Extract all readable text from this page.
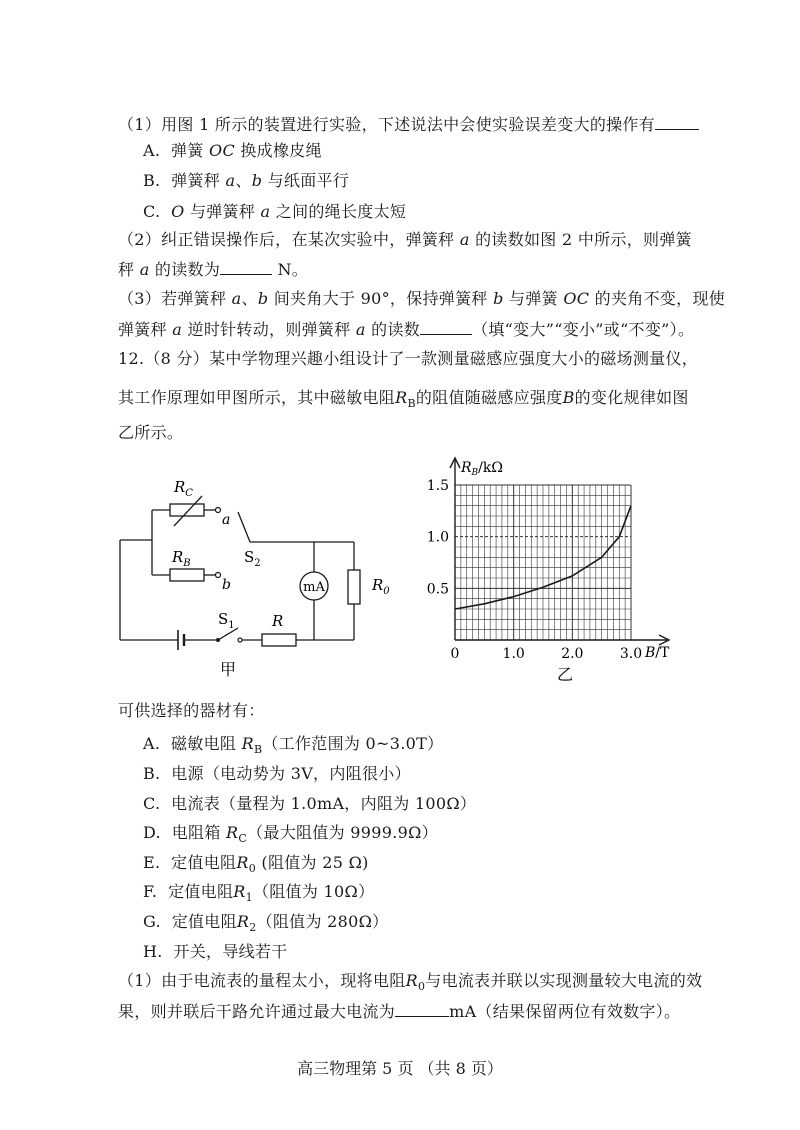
（1）用图 1 所示的装置进行实验，下述说法中会使实验误差变大的操作有
A. 弹簧 OC 换成橡皮绳
B. 弹簧秤 a、b 与纸面平行
C. O 与弹簧秤 a 之间的绳长度太短
（2）纠正错误操作后，在某次实验中，弹簧秤 a 的读数如图 2 中所示，则弹簧
秤 a 的读数为	N。
（3）若弹簧秤 a、b 间夹角大于 90°，保持弹簧秤 b 与弹簧 OC 的夹角不变，现使
弹簧秤 a 逆时针转动，则弹簧秤 a 的读数	（填“变大”“变小”或“不变”）。
12.（8 分）某中学物理兴趣小组设计了一款测量磁感应强度大小的磁场测量仪，
其工作原理如甲图所示，其中磁敏电阻$R_B$的阻值随磁感应强度B的变化规律如图
乙所示。
mA
$R_C$
a
$R_B$
b
$S_2$
$R_0$
$S_1$ R
甲
1.5
1.0
0.5
0	1.0	2.0	3.0
$R_B/k\Omega$
B/T
乙
可供选择的器材有：
A. 磁敏电阻 $R_B$（工作范围为 0~3.0T）
B. 电源（电动势为 3V，内阻很小）
C. 电流表（量程为 1.0mA，内阻为 100Ω）
D. 电阻箱 $R_C$（最大阻值为 9999.9Ω）
E. 定值电阻$R_0$ (阻值为 25 Ω)
F. 定值电阻$R_1$（阻值为 10Ω）
G. 定值电阻$R_2$（阻值为 280Ω）
H. 开关，导线若干
（1）由于电流表的量程太小，现将电阻$R_0$与电流表并联以实现测量较大电流的效
果，则并联后干路允许通过最大电流为	mA（结果保留两位有效数字）。
高三物理第 5 页 （共 8 页）
